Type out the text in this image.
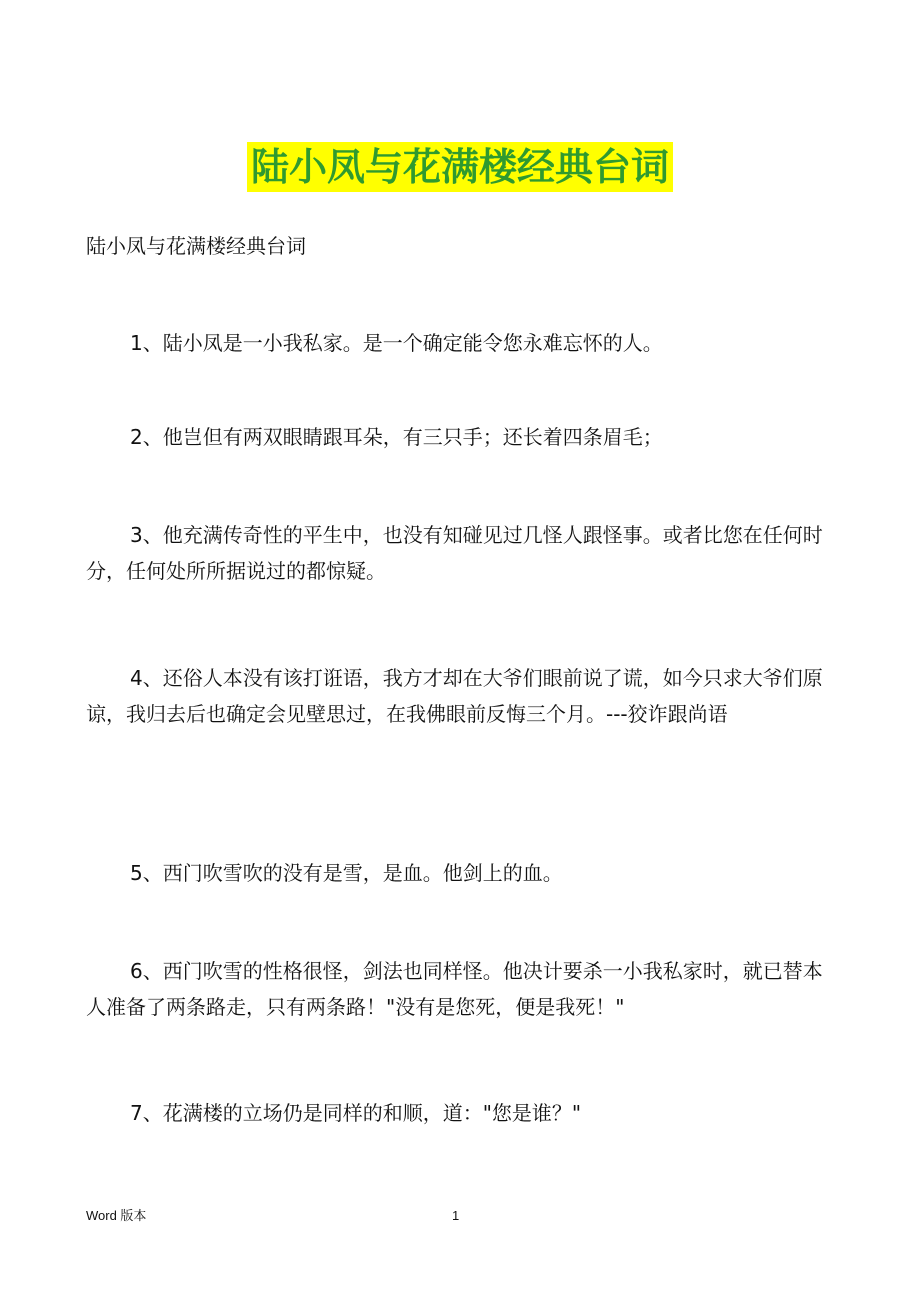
陆小凤与花满楼经典台词

陆小凤与花满楼经典台词

1、陆小凤是一小我私家。是一个确定能令您永难忘怀的人。

2、他岂但有两双眼睛跟耳朵，有三只手；还长着四条眉毛；

3、他充满传奇性的平生中，也没有知碰见过几怪人跟怪事。或者比您在任何时分，任何处所所据说过的都惊疑。

4、还俗人本没有该打诳语，我方才却在大爷们眼前说了谎，如今只求大爷们原谅，我归去后也确定会见壁思过，在我佛眼前反悔三个月。---狡诈跟尚语

5、西门吹雪吹的没有是雪，是血。他剑上的血。

6、西门吹雪的性格很怪，剑法也同样怪。他决计要杀一小我私家时，就已替本人准备了两条路走，只有两条路！"没有是您死，便是我死！"

7、花满楼的立场仍是同样的和顺，道："您是谁？"

Word 版本	1
